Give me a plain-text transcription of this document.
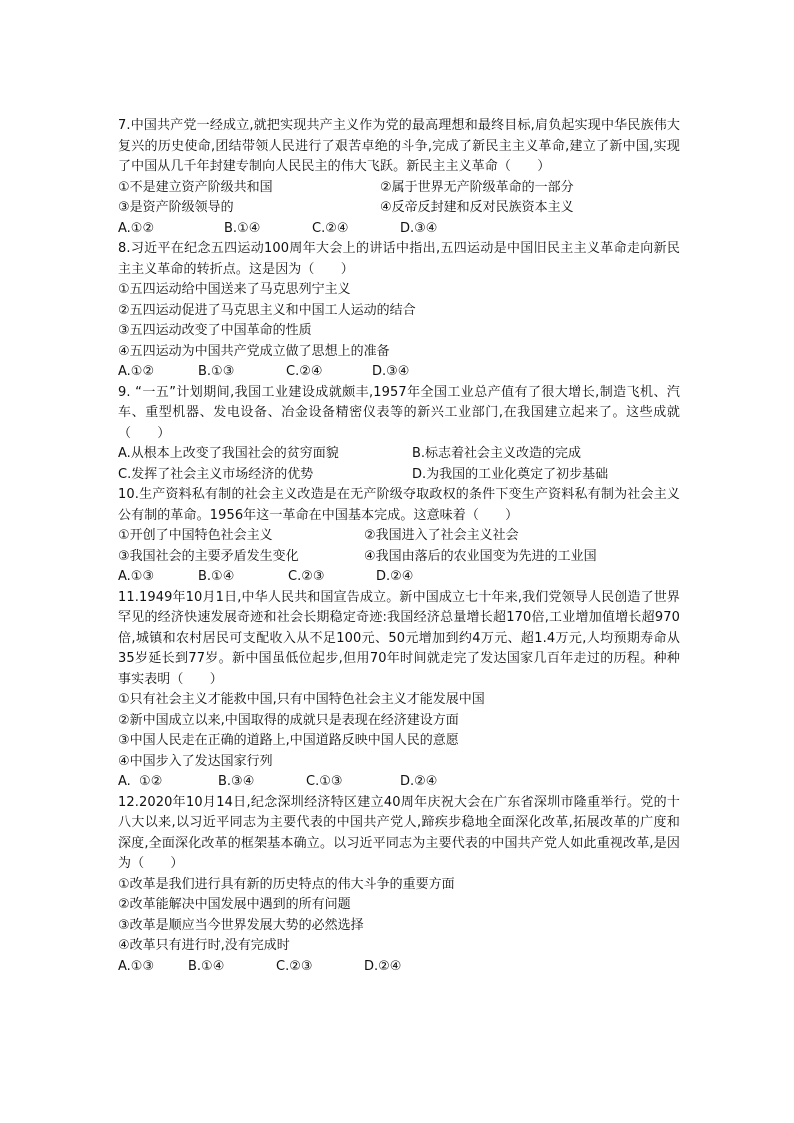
7.中国共产党一经成立,就把实现共产主义作为党的最高理想和最终目标,肩负起实现中华民族伟大复兴的历史使命,团结带领人民进行了艰苦卓绝的斗争,完成了新民主主义革命,建立了新中国,实现了中国从几千年封建专制向人民民主的伟大飞跃。新民主主义革命（　　）

①不是建立资产阶级共和国	②属于世界无产阶级革命的一部分
③是资产阶级领导的	④反帝反封建和反对民族资本主义
A.①②	B.①④	C.②④	D.③④

8.习近平在纪念五四运动100周年大会上的讲话中指出,五四运动是中国旧民主主义革命走向新民主主义革命的转折点。这是因为（　　）

①五四运动给中国送来了马克思列宁主义
②五四运动促进了马克思主义和中国工人运动的结合
③五四运动改变了中国革命的性质
④五四运动为中国共产党成立做了思想上的准备
A.①②	B.①③	C.②④	D.③④

9. “一五”计划期间,我国工业建设成就颇丰,1957年全国工业总产值有了很大增长,制造飞机、汽车、重型机器、发电设备、冶金设备精密仪表等的新兴工业部门,在我国建立起来了。这些成就（　　）

A.从根本上改变了我国社会的贫穷面貌	B.标志着社会主义改造的完成
C.发挥了社会主义市场经济的优势	D.为我国的工业化奠定了初步基础

10.生产资料私有制的社会主义改造是在无产阶级夺取政权的条件下变生产资料私有制为社会主义公有制的革命。1956年这一革命在中国基本完成。这意味着（　　）

①开创了中国特色社会主义	②我国进入了社会主义社会
③我国社会的主要矛盾发生变化	④我国由落后的农业国变为先进的工业国
A.①③	B.①④	C.②③	D.②④

11.1949年10月1日,中华人民共和国宣告成立。新中国成立七十年来,我们党领导人民创造了世界罕见的经济快速发展奇迹和社会长期稳定奇迹:我国经济总量增长超170倍,工业增加值增长超970倍,城镇和农村居民可支配收入从不足100元、50元增加到约4万元、超1.4万元,人均预期寿命从35岁延长到77岁。新中国虽低位起步,但用70年时间就走完了发达国家几百年走过的历程。种种事实表明（　　）

①只有社会主义才能救中国,只有中国特色社会主义才能发展中国
②新中国成立以来,中国取得的成就只是表现在经济建设方面
③中国人民走在正确的道路上,中国道路反映中国人民的意愿
④中国步入了发达国家行列
A.  ①②	B.③④	C.①③	D.②④

12.2020年10月14日,纪念深圳经济特区建立40周年庆祝大会在广东省深圳市隆重举行。党的十八大以来,以习近平同志为主要代表的中国共产党人,蹄疾步稳地全面深化改革,拓展改革的广度和深度,全面深化改革的框架基本确立。以习近平同志为主要代表的中国共产党人如此重视改革,是因为（　　）

①改革是我们进行具有新的历史特点的伟大斗争的重要方面
②改革能解决中国发展中遇到的所有问题
③改革是顺应当今世界发展大势的必然选择
④改革只有进行时,没有完成时
A.①③	B.①④	C.②③	D.②④
